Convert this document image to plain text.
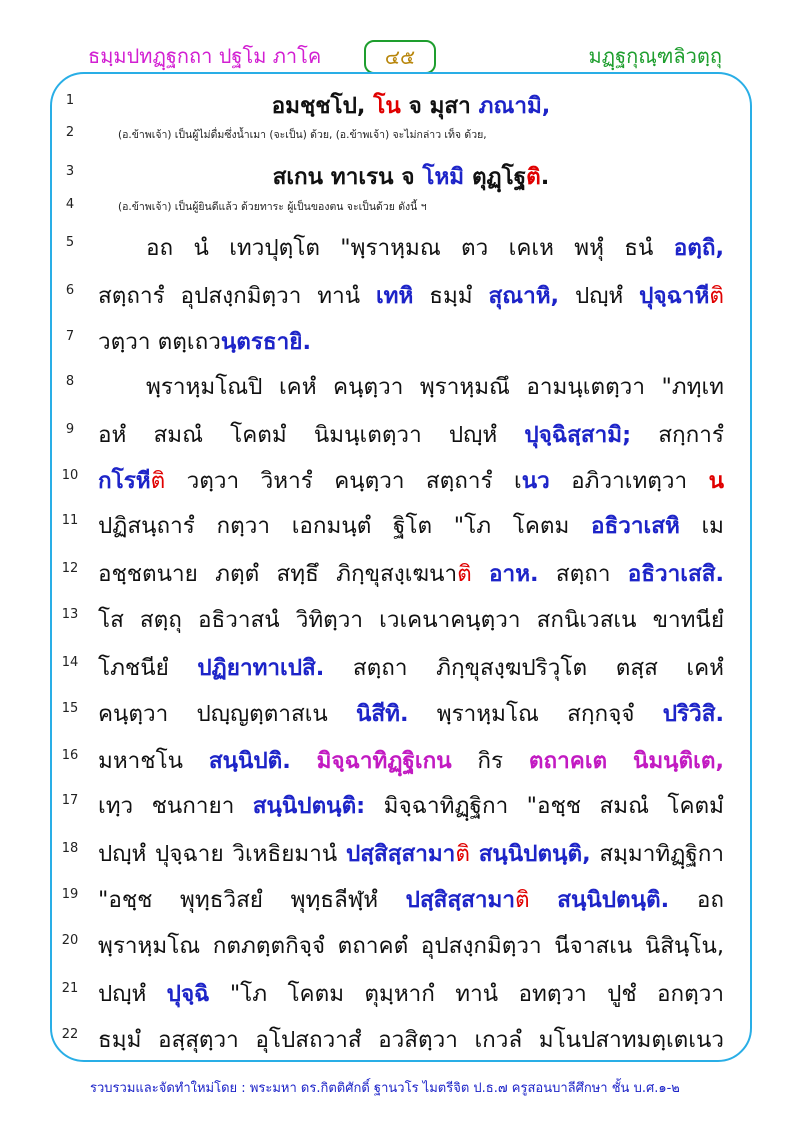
ธมฺมปทฏฺฐกถา ปฐโม ภาโค	๔๕	มฏฺฐกุณฺฑลิวตฺถุ
1	อมชฺชโป, โน จ มุสา ภณามิ,
2	(อ.ข้าพเจ้า) เป็นผู้ไม่ดื่มซึ่งน้ำเมา (จะเป็น) ด้วย, (อ.ข้าพเจ้า) จะไม่กล่าว เท็จ ด้วย,
3	สเกน ทาเรน จ โหมิ ตุฏฺโฐติ.
4	(อ.ข้าพเจ้า) เป็นผู้ยินดีแล้ว ด้วยทาระ ผู้เป็นของตน จะเป็นด้วย ดังนี้ ฯ
5	อถ นํ เทวปุตฺโต "พฺราหฺมณ ตว เคเห พหุํ ธนํ อตฺถิ,
6	สตฺถารํ อุปสงฺกมิตฺวา ทานํ เทหิ ธมฺมํ สุณาหิ, ปญฺหํ ปุจฺฉาหีติ
7	วตฺวา ตตฺเถวนฺตรธายิ.
8	พฺราหฺมโณปิ เคหํ คนฺตฺวา พฺราหฺมณึ อามนฺเตตฺวา "ภทฺเท
9	อหํ สมณํ โคตมํ นิมนฺเตตฺวา ปญฺหํ ปุจฺฉิสฺสามิ; สกฺการํ
10 กโรหีติ วตฺวา วิหารํ คนฺตฺวา สตฺถารํ เนว อภิวาเทตฺวา น
11 ปฏิสนฺถารํ กตฺวา เอกมนฺตํ ฐิโต "โภ โคตม อธิวาเสหิ เม
12 อชฺชตนาย ภตฺตํ สทฺธึ ภิกฺขุสงฺเฆนาติ อาห. สตฺถา อธิวาเสสิ.
13 โส สตฺถุ อธิวาสนํ วิทิตฺวา เวเคนาคนฺตฺวา สกนิเวสเน ขาทนียํ
14 โภชนียํ ปฏิยาทาเปสิ. สตฺถา ภิกฺขุสงฺฆปริวุโต ตสฺส เคหํ
15 คนฺตฺวา ปญฺญตฺตาสเน นิสีทิ. พฺราหฺมโณ สกฺกจฺจํ ปริวิสิ.
16 มหาชโน สนฺนิปติ. มิจฺฉาทิฏฺฐิเกน กิร ตถาคเต นิมนฺติเต,
17 เทฺว ชนกายา สนฺนิปตนฺติ: มิจฺฉาทิฏฺฐิกา "อชฺช สมณํ โคตมํ
18 ปญฺหํ ปุจฺฉาย วิเหธิยมานํ ปสฺสิสฺสามาติ สนฺนิปตนฺติ, สมฺมาทิฏฺฐิกา
19 "อชฺช พุทฺธวิสยํ พุทฺธลีฬฺหํ ปสฺสิสฺสามาติ สนฺนิปตนฺติ. อถ
20 พฺราหฺมโณ กตภตฺตกิจฺจํ ตถาคตํ อุปสงฺกมิตฺวา นีจาสเน นิสินฺโน,
21 ปญฺหํ ปุจฺฉิ "โภ โคตม ตุมฺหากํ ทานํ อทตฺวา ปูชํ อกตฺวา
22 ธมฺมํ อสฺสุตฺวา อุโปสถวาสํ อวสิตฺวา เกวลํ มโนปสาทมตฺเตเนว
รวบรวมและจัดทำใหม่โดย : พระมหา ดร.กิตติศักดิ์ ฐานวโร ไมตรีจิต ป.ธ.๗ ครูสอนบาลีศึกษา ชั้น บ.ศ.๑-๒
